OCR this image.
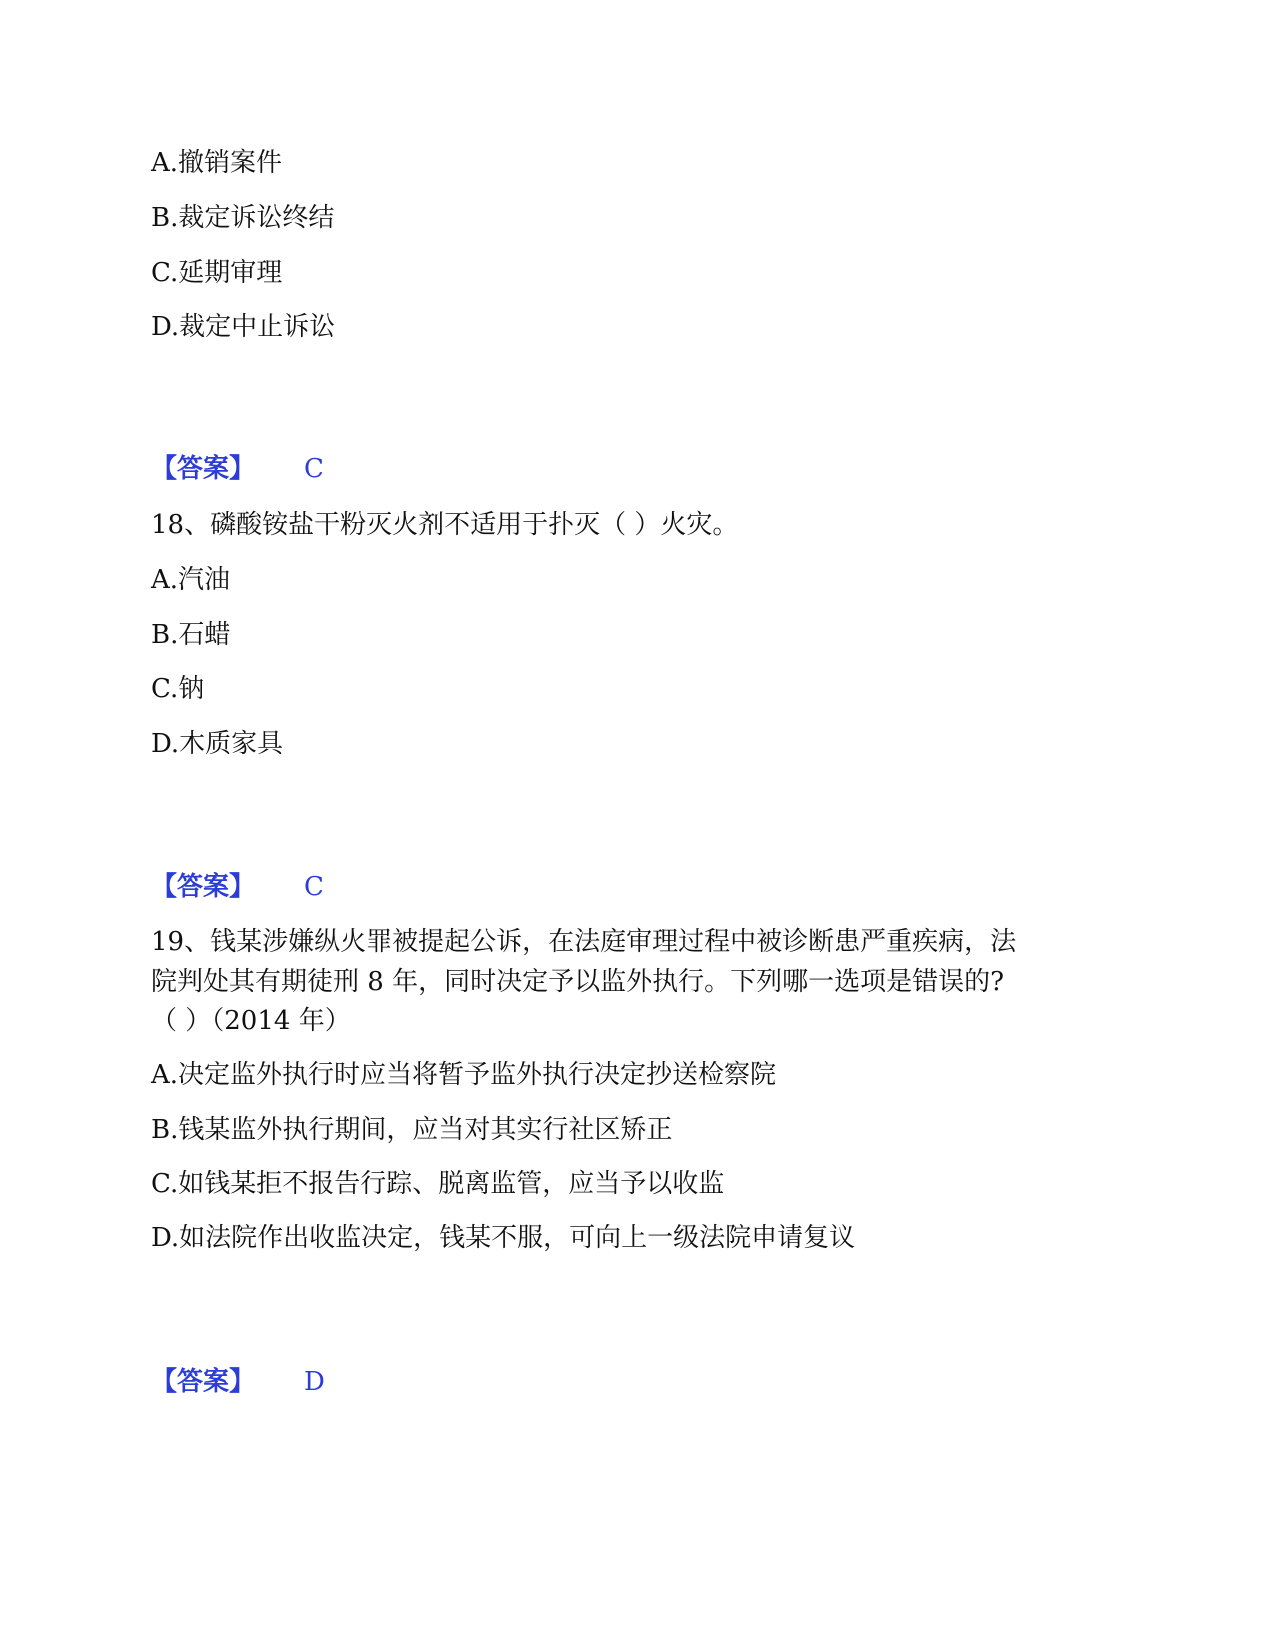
A.撤销案件
B.裁定诉讼终结
C.延期审理
D.裁定中止诉讼
【答案】 C
18、磷酸铵盐干粉灭火剂不适用于扑灭（ ）火灾。
A.汽油
B.石蜡
C.钠
D.木质家具
【答案】 C
19、钱某涉嫌纵火罪被提起公诉，在法庭审理过程中被诊断患严重疾病，法
院判处其有期徒刑 8 年，同时决定予以监外执行。下列哪一选项是错误的?
（ ）（2014 年）
A.决定监外执行时应当将暂予监外执行决定抄送检察院
B.钱某监外执行期间，应当对其实行社区矫正
C.如钱某拒不报告行踪、脱离监管，应当予以收监
D.如法院作出收监决定，钱某不服，可向上一级法院申请复议
【答案】 D
